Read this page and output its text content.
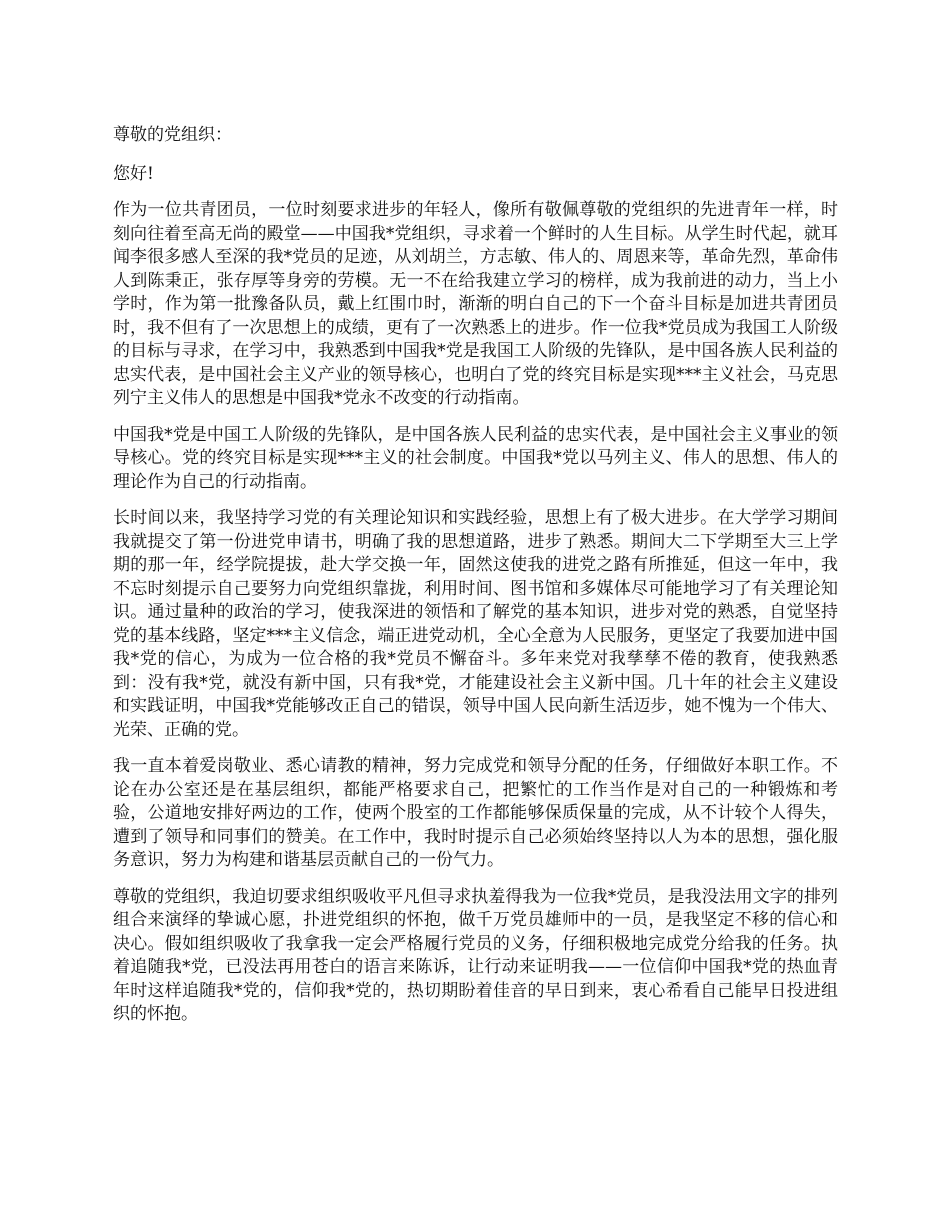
尊敬的党组织：

您好!

作为一位共青团员，一位时刻要求进步的年轻人，像所有敬佩尊敬的党组织的先进青年一样，时刻向往着至高无尚的殿堂——中国我*党组织，寻求着一个鲜时的人生目标。从学生时代起，就耳闻李很多感人至深的我*党员的足迹，从刘胡兰，方志敏、伟人的、周恩来等，革命先烈，革命伟人到陈秉正，张存厚等身旁的劳模。无一不在给我建立学习的榜样，成为我前进的动力，当上小学时，作为第一批豫备队员，戴上红围巾时，渐渐的明白自己的下一个奋斗目标是加进共青团员时，我不但有了一次思想上的成绩，更有了一次熟悉上的进步。作一位我*党员成为我国工人阶级的目标与寻求，在学习中，我熟悉到中国我*党是我国工人阶级的先锋队，是中国各族人民利益的忠实代表，是中国社会主义产业的领导核心，也明白了党的终究目标是实现***主义社会，马克思列宁主义伟人的思想是中国我*党永不改变的行动指南。

中国我*党是中国工人阶级的先锋队，是中国各族人民利益的忠实代表，是中国社会主义事业的领导核心。党的终究目标是实现***主义的社会制度。中国我*党以马列主义、伟人的思想、伟人的理论作为自己的行动指南。

长时间以来，我坚持学习党的有关理论知识和实践经验，思想上有了极大进步。在大学学习期间我就提交了第一份进党申请书，明确了我的思想道路，进步了熟悉。期间大二下学期至大三上学期的那一年，经学院提拔，赴大学交换一年，固然这使我的进党之路有所推延，但这一年中，我不忘时刻提示自己要努力向党组织靠拢，利用时间、图书馆和多媒体尽可能地学习了有关理论知识。通过量种的政治的学习，使我深进的领悟和了解党的基本知识，进步对党的熟悉，自觉坚持党的基本线路，坚定***主义信念，端正进党动机，全心全意为人民服务，更坚定了我要加进中国我*党的信心，为成为一位合格的我*党员不懈奋斗。多年来党对我孳孳不倦的教育，使我熟悉到：没有我*党，就没有新中国，只有我*党，才能建设社会主义新中国。几十年的社会主义建设和实践证明，中国我*党能够改正自己的错误，领导中国人民向新生活迈步，她不愧为一个伟大、光荣、正确的党。

我一直本着爱岗敬业、悉心请教的精神，努力完成党和领导分配的任务，仔细做好本职工作。不论在办公室还是在基层组织，都能严格要求自己，把繁忙的工作当作是对自己的一种锻炼和考验，公道地安排好两边的工作，使两个股室的工作都能够保质保量的完成，从不计较个人得失，遭到了领导和同事们的赞美。在工作中，我时时提示自己必须始终坚持以人为本的思想，强化服务意识，努力为构建和谐基层贡献自己的一份气力。

尊敬的党组织，我迫切要求组织吸收平凡但寻求执羞得我为一位我*党员，是我没法用文字的排列组合来演绎的挚诚心愿，扑进党组织的怀抱，做千万党员雄师中的一员，是我坚定不移的信心和决心。假如组织吸收了我拿我一定会严格履行党员的义务，仔细积极地完成党分给我的任务。执着追随我*党，已没法再用苍白的语言来陈诉，让行动来证明我——一位信仰中国我*党的热血青年时这样追随我*党的，信仰我*党的，热切期盼着佳音的早日到来，衷心希看自己能早日投进组织的怀抱。
